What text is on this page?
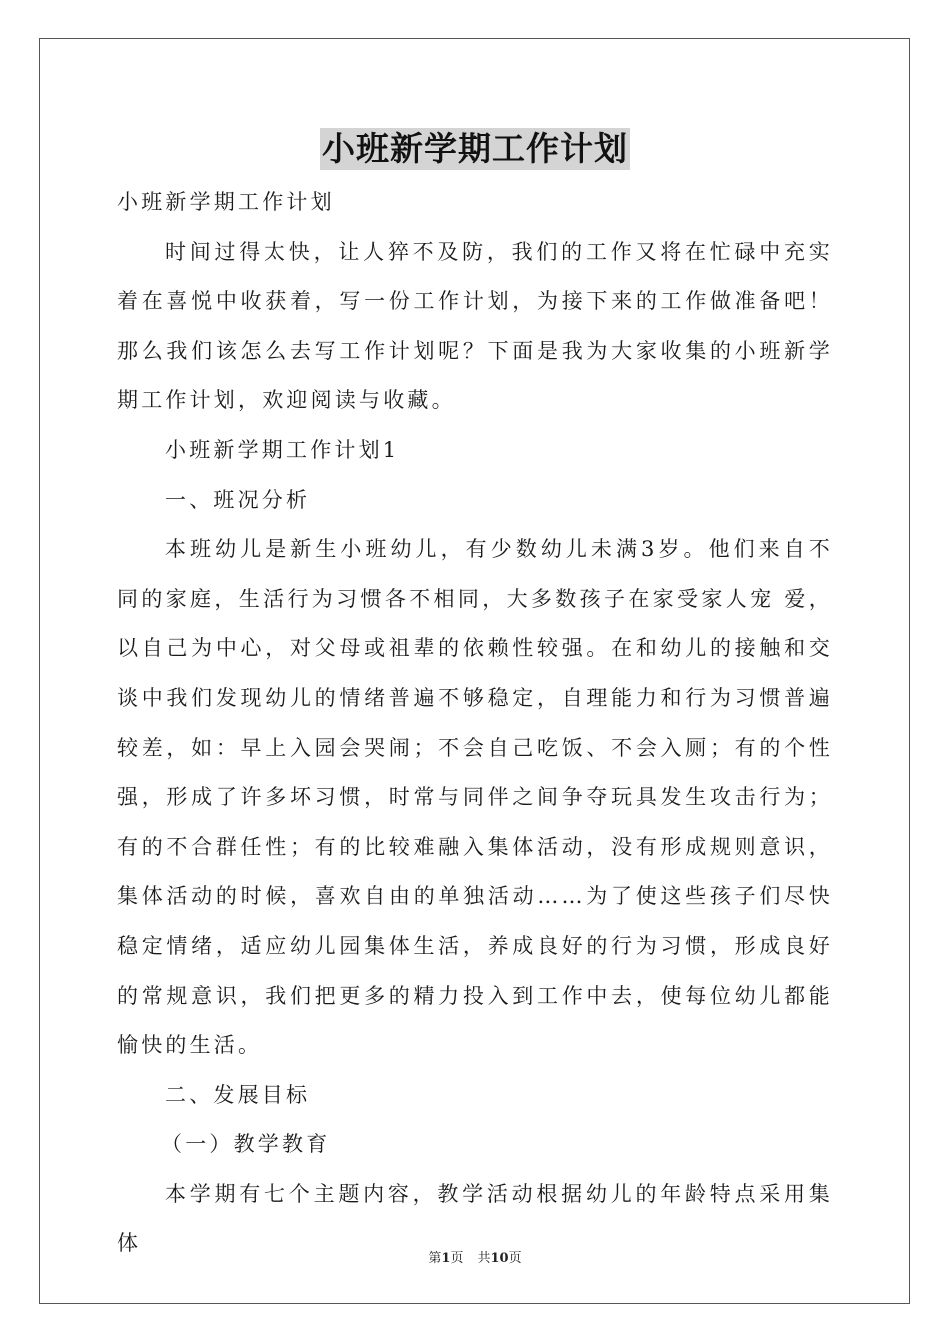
小班新学期工作计划

小班新学期工作计划

时间过得太快，让人猝不及防，我们的工作又将在忙碌中充实着在喜悦中收获着，写一份工作计划，为接下来的工作做准备吧！那么我们该怎么去写工作计划呢？下面是我为大家收集的小班新学期工作计划，欢迎阅读与收藏。

小班新学期工作计划1

一、班况分析

本班幼儿是新生小班幼儿，有少数幼儿未满3岁。他们来自不同的家庭，生活行为习惯各不相同，大多数孩子在家受家人宠 爱，以自己为中心，对父母或祖辈的依赖性较强。在和幼儿的接触和交谈中我们发现幼儿的情绪普遍不够稳定，自理能力和行为习惯普遍较差，如：早上入园会哭闹；不会自己吃饭、不会入厕；有的个性强，形成了许多坏习惯，时常与同伴之间争夺玩具发生攻击行为；有的不合群任性；有的比较难融入集体活动，没有形成规则意识，集体活动的时候，喜欢自由的单独活动……为了使这些孩子们尽快稳定情绪，适应幼儿园集体生活，养成良好的行为习惯，形成良好的常规意识，我们把更多的精力投入到工作中去，使每位幼儿都能愉快的生活。

二、发展目标

（一）教学教育

本学期有七个主题内容，教学活动根据幼儿的年龄特点采用集体

第1页 共10页
